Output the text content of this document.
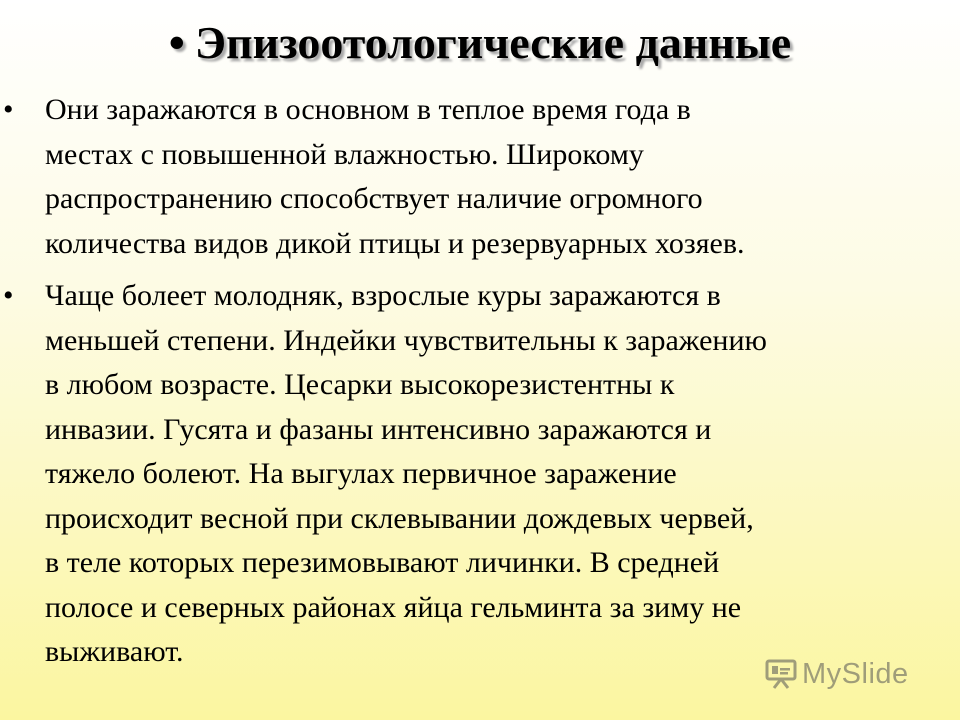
• Эпизоотологические данные
•	Они заражаются в основном в теплое время года в
местах с повышенной влажностью. Широкому
распространению способствует наличие огромного
количества видов дикой птицы и резервуарных хозяев.
•	Чаще болеет молодняк, взрослые куры заражаются в
меньшей степени. Индейки чувствительны к заражению
в любом возрасте. Цесарки высокорезистентны к
инвазии. Гусята и фазаны интенсивно заражаются и
тяжело болеют. На выгулах первичное заражение
происходит весной при склевывании дождевых червей,
в теле которых перезимовывают личинки. В средней
полосе и северных районах яйца гельминта за зиму не
выживают.
MySlide
